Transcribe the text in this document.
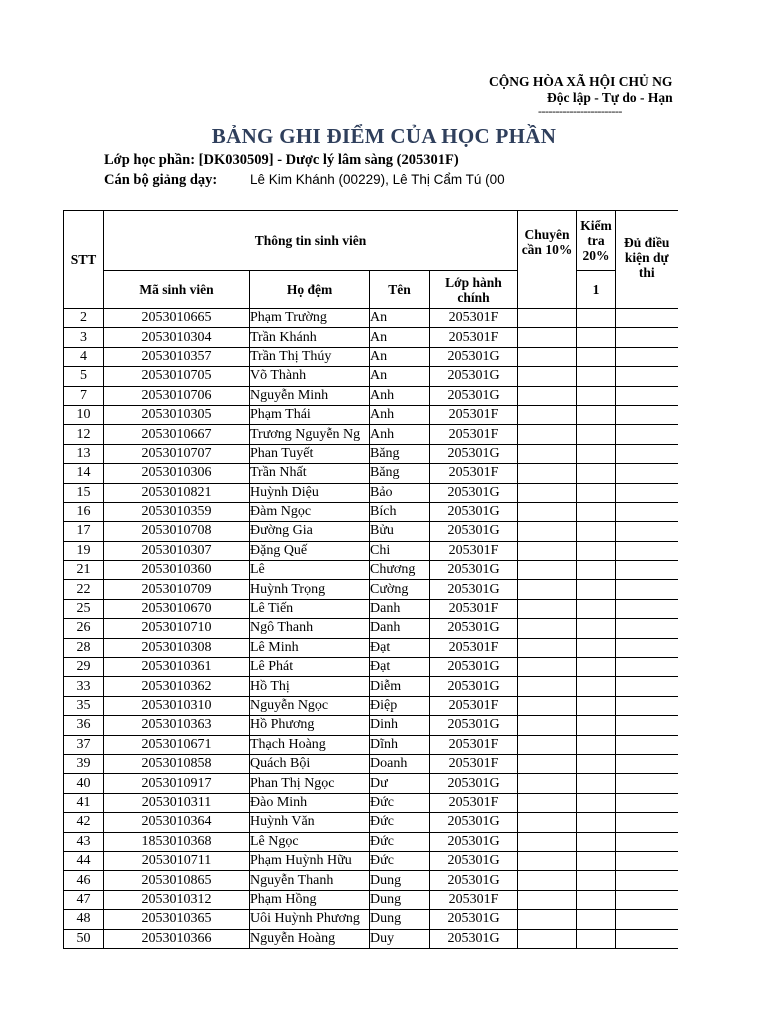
CỘNG HÒA XÃ HỘI CHỦ NG
Độc lập - Tự do - Hạn
------------------------
BẢNG GHI ĐIỂM CỦA HỌC PHẦN
Lớp học phần: [DK030509] - Dược lý lâm sàng (205301F)
Cán bộ giảng dạy: Lê Kim Khánh (00229), Lê Thị Cẩm Tú (00
STT	Thông tin sinh viên				Chuyên cần 10%	Kiểm tra 20%	Đủ điều kiện dự thi
	Mã sinh viên	Họ đệm	Tên	Lớp hành chính		1	
2	2053010665	Phạm Trường	An	205301F			
3	2053010304	Trần Khánh	An	205301F			
4	2053010357	Trần Thị Thúy	An	205301G			
5	2053010705	Võ Thành	An	205301G			
7	2053010706	Nguyễn Minh	Anh	205301G			
10	2053010305	Phạm Thái	Anh	205301F			
12	2053010667	Trương Nguyễn Ng	Anh	205301F			
13	2053010707	Phan Tuyết	Băng	205301G			
14	2053010306	Trần Nhất	Băng	205301F			
15	2053010821	Huỳnh Diệu	Bảo	205301G			
16	2053010359	Đàm Ngọc	Bích	205301G			
17	2053010708	Đường Gia	Bửu	205301G			
19	2053010307	Đặng Quế	Chi	205301F			
21	2053010360	Lê	Chương	205301G			
22	2053010709	Huỳnh Trọng	Cường	205301G			
25	2053010670	Lê Tiến	Danh	205301F			
26	2053010710	Ngô Thanh	Danh	205301G			
28	2053010308	Lê Minh	Đạt	205301F			
29	2053010361	Lê Phát	Đạt	205301G			
33	2053010362	Hồ Thị	Diễm	205301G			
35	2053010310	Nguyễn Ngọc	Điệp	205301F			
36	2053010363	Hồ Phương	Dinh	205301G			
37	2053010671	Thạch Hoàng	Dĩnh	205301F			
39	2053010858	Quách Bội	Doanh	205301F			
40	2053010917	Phan Thị Ngọc	Dư	205301G			
41	2053010311	Đào Minh	Đức	205301F			
42	2053010364	Huỳnh Văn	Đức	205301G			
43	1853010368	Lê Ngọc	Đức	205301G			
44	2053010711	Phạm Huỳnh Hữu	Đức	205301G			
46	2053010865	Nguyễn Thanh	Dung	205301G			
47	2053010312	Phạm Hồng	Dung	205301F			
48	2053010365	Uôi Huỳnh Phương	Dung	205301G			
50	2053010366	Nguyễn Hoàng	Duy	205301G			
